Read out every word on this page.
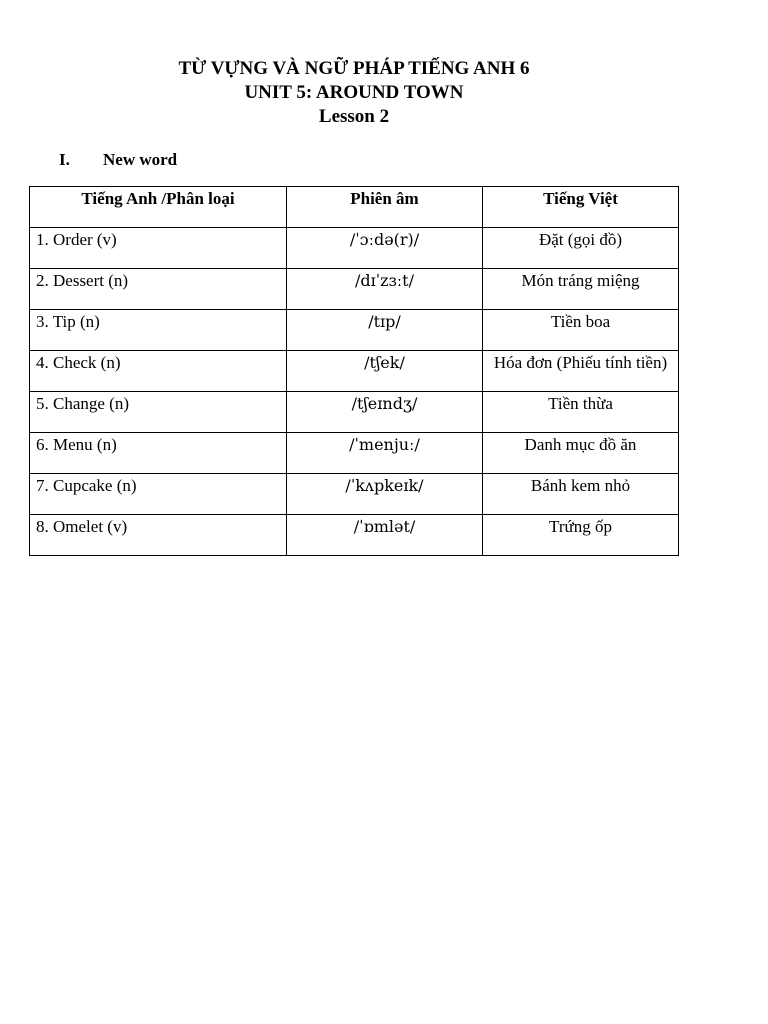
TỪ VỰNG VÀ NGỮ PHÁP TIẾNG ANH 6
UNIT 5: AROUND TOWN
Lesson 2
I. New word
Tiếng Anh /Phân loại	Phiên âm	Tiếng Việt
1. Order (v)	/ˈɔːdə(r)/	Đặt (gọi đồ)
2. Dessert (n)	/dɪˈzɜːt/	Món tráng miệng
3. Tip (n)	/tɪp/	Tiền boa
4. Check (n)	/tʃek/	Hóa đơn (Phiếu tính tiền)
5. Change (n)	/tʃeɪndʒ/	Tiền thừa
6. Menu (n)	/ˈmenjuː/	Danh mục đồ ăn
7. Cupcake (n)	/ˈkʌpkeɪk/	Bánh kem nhỏ
8. Omelet (v)	/ˈɒmlət/	Trứng ốp
